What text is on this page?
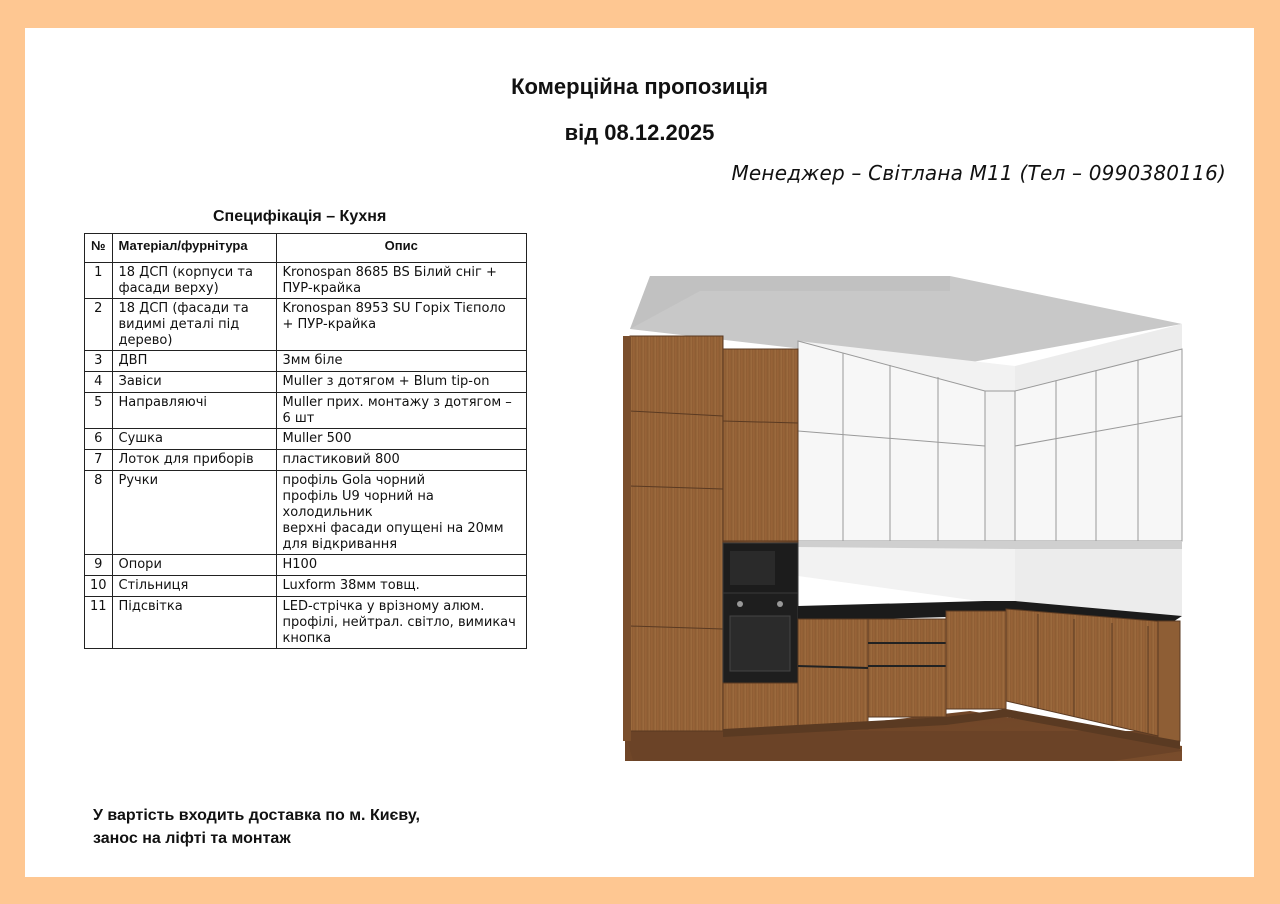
Комерційна пропозиція
від 08.12.2025
Менеджер – Світлана М11 (Тел – 0990380116)
Специфікація – Кухня
№	Матеріал/фурнітура	Опис
1	18 ДСП (корпуси та фасади верху)	Kronospan 8685 BS Білий сніг + ПУР-крайка
2	18 ДСП (фасади та видимі деталі під дерево)	Kronospan 8953 SU Горіх Тієполо + ПУР-крайка
3	ДВП	3мм біле
4	Завіси	Muller з дотягом + Blum tip-on
5	Направляючі	Muller прих. монтажу з дотягом – 6 шт
6	Сушка	Muller 500
7	Лоток для приборів	пластиковий 800
8	Ручки	профіль Gola чорний
профіль U9 чорний на холодильник
верхні фасади опущені на 20мм для відкривання
9	Опори	Н100
10	Стільниця	Luxform 38мм товщ.
11	Підсвітка	LED-стрічка у врізному алюм. профілі, нейтрал. світло, вимикач кнопка
У вартість входить доставка по м. Києву,
занос на ліфті та монтаж
